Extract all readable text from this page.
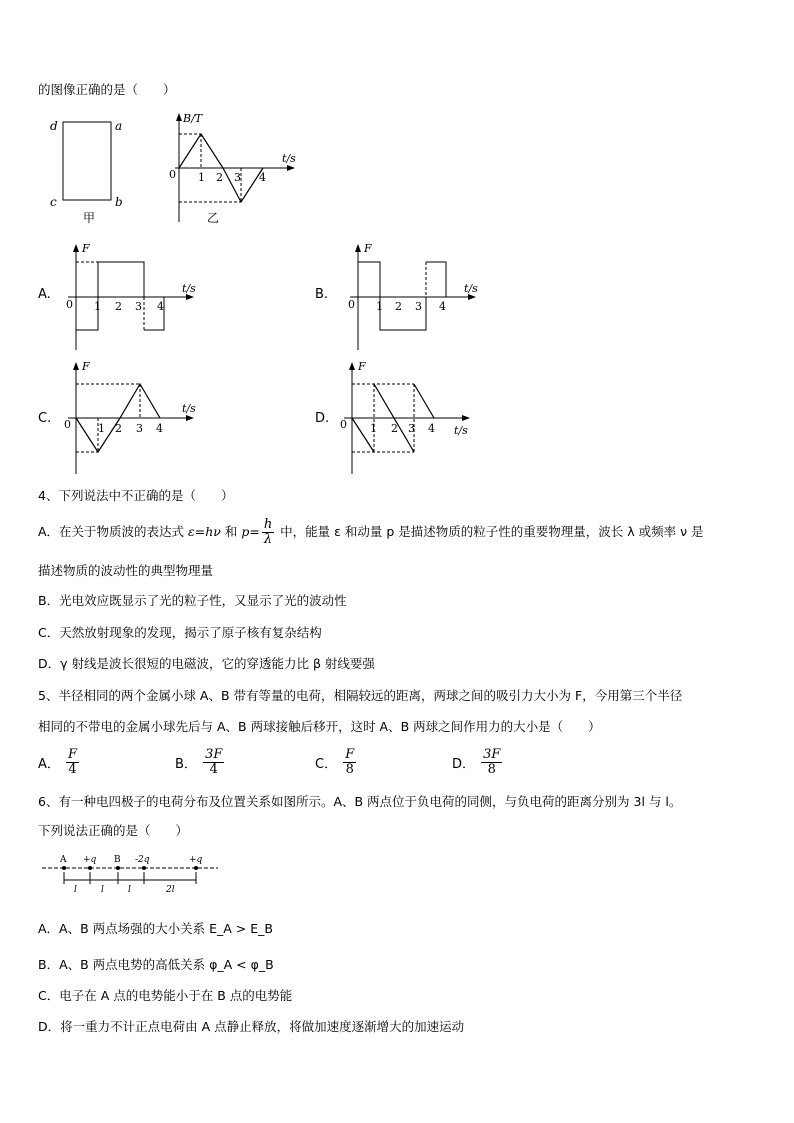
的图像正确的是（　　）
d	a
c	b
甲
B/T
t/s
0 1 2 3 4
乙
A.
F
t/s
0 1 2 3 4
B.
F
t/s
0 1 2 3 4
C.
F
t/s
0 1 2 3 4
D.
F
t/s
0 1 2 3 4
4、下列说法中不正确的是（　　）
A．在关于物质波的表达式 ε=hν 和 $p= \frac{h}{\lambda}$ 中，能量 ε 和动量 p 是描述物质的粒子性的重要物理量，波长 λ 或频率 ν 是
描述物质的波动性的典型物理量
B．光电效应既显示了光的粒子性，又显示了光的波动性
C．天然放射现象的发现，揭示了原子核有复杂结构
D．γ 射线是波长很短的电磁波，它的穿透能力比 β 射线要强
5、半径相同的两个金属小球 A、B 带有等量的电荷，相隔较远的距离，两球之间的吸引力大小为 F，今用第三个半径
相同的不带电的金属小球先后与 A、B 两球接触后移开，这时 A、B 两球之间作用力的大小是（　　）
A． $\frac{F}{4}$	B． $\frac{3F}{4}$	C． $\frac{F}{8}$	D． $\frac{3F}{8}$
6、有一种电四极子的电荷分布及位置关系如图所示。A、B 两点位于负电荷的同侧，与负电荷的距离分别为 3l 与 l。
下列说法正确的是（　　）
A +q B -2q	+q
l	l	l	2l
A．A、B 两点场强的大小关系 E_A > E_B
B．A、B 两点电势的高低关系 φ_A < φ_B
C．电子在 A 点的电势能小于在 B 点的电势能
D．将一重力不计正点电荷由 A 点静止释放，将做加速度逐渐增大的加速运动
